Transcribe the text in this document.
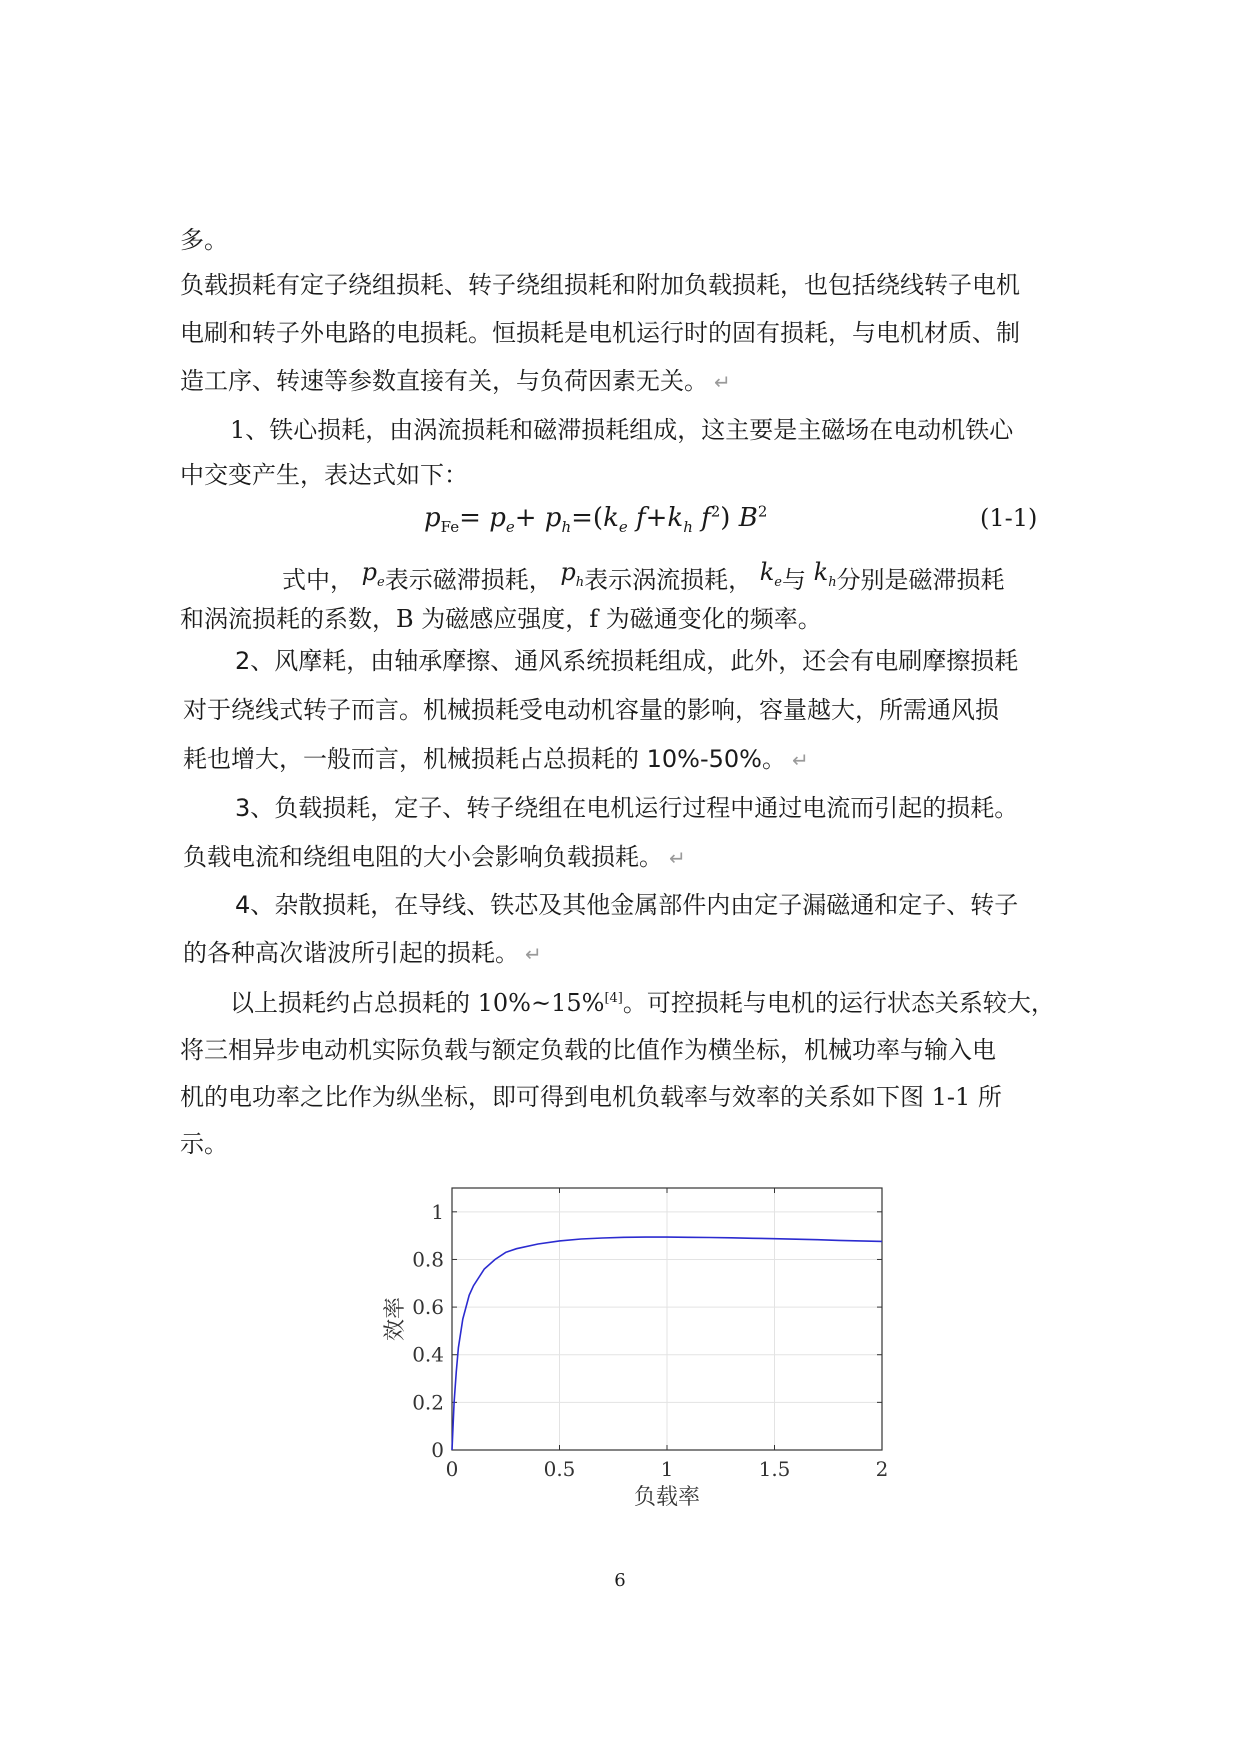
多。
负载损耗有定子绕组损耗、转子绕组损耗和附加负载损耗，也包括绕线转子电机
电刷和转子外电路的电损耗。恒损耗是电机运行时的固有损耗，与电机材质、制
造工序、转速等参数直接有关，与负荷因素无关。 ↵
1、铁心损耗，由涡流损耗和磁滞损耗组成，这主要是主磁场在电动机铁心
中交变产生，表达式如下：
$p_{Fe}= p_e+ p_h=(k_e$ $f+k_h$ $f^2$) $B^2$	(1-1)
式中， $p_e$表示磁滞损耗， $p_h$表示涡流损耗， $k_e$与 $k_h$分别是磁滞损耗
和涡流损耗的系数，B 为磁感应强度，f 为磁通变化的频率。
2、风摩耗，由轴承摩擦、通风系统损耗组成，此外，还会有电刷摩擦损耗
对于绕线式转子而言。机械损耗受电动机容量的影响，容量越大，所需通风损
耗也增大，一般而言，机械损耗占总损耗的 10%-50%。 ↵
3、负载损耗，定子、转子绕组在电机运行过程中通过电流而引起的损耗。
负载电流和绕组电阻的大小会影响负载损耗。 ↵
4、杂散损耗，在导线、铁芯及其他金属部件内由定子漏磁通和定子、转子
的各种高次谐波所引起的损耗。 ↵
以上损耗约占总损耗的 10%~15%[4]。可控损耗与电机的运行状态关系较大，
将三相异步电动机实际负载与额定负载的比值作为横坐标，机械功率与输入电
机的电功率之比作为纵坐标，即可得到电机负载率与效率的关系如下图 1-1 所
示。
0	0.5	1	1.5	2
0
0.2
0.4
0.6
0.8
1
负载率
效率
6
